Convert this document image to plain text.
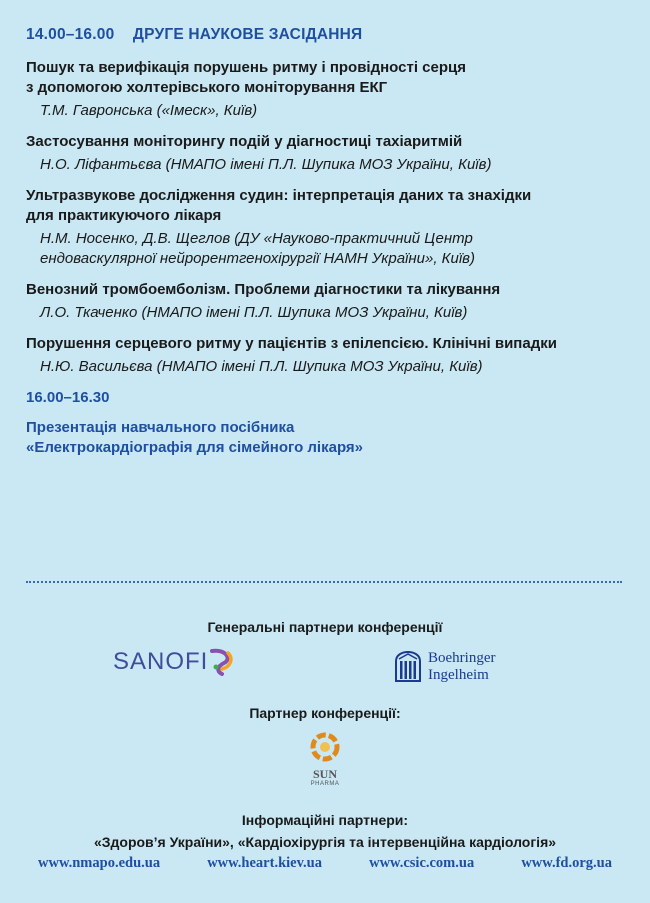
14.00–16.00 ДРУГЕ НАУКОВЕ ЗАСІДАННЯ
Пошук та верифікація порушень ритму і провідності серця
з допомогою холтерівського моніторування ЕКГ
Т.М. Гавронська («Імеск», Київ)
Застосування моніторингу подій у діагностиці тахіаритмій
Н.О. Ліфантьєва (НМАПО імені П.Л. Шупика МОЗ України, Київ)
Ультразвукове дослідження судин: інтерпретація даних та знахідки
для практикуючого лікаря
Н.М. Носенко, Д.В. Щеглов (ДУ «Науково-практичний Центр
ендоваскулярної нейрорентгенохірургії НАМН України», Київ)
Венозний тромбоемболізм. Проблеми діагностики та лікування
Л.О. Ткаченко (НМАПО імені П.Л. Шупика МОЗ України, Київ)
Порушення серцевого ритму у пацієнтів з епілепсією. Клінічні випадки
Н.Ю. Васильєва (НМАПО імені П.Л. Шупика МОЗ України, Київ)
16.00–16.30
Презентація навчального посібника
«Електрокардіографія для сімейного лікаря»
Генеральні партнери конференції
SANOFI	Boehringer
Ingelheim
Партнер конференції:
SUN
PHARMA
Інформаційні партнери:
«Здоров’я України», «Кардіохірургія та інтервенційна кардіологія»
www.nmapo.edu.ua	www.heart.kiev.ua	www.csic.com.ua	www.fd.org.ua
